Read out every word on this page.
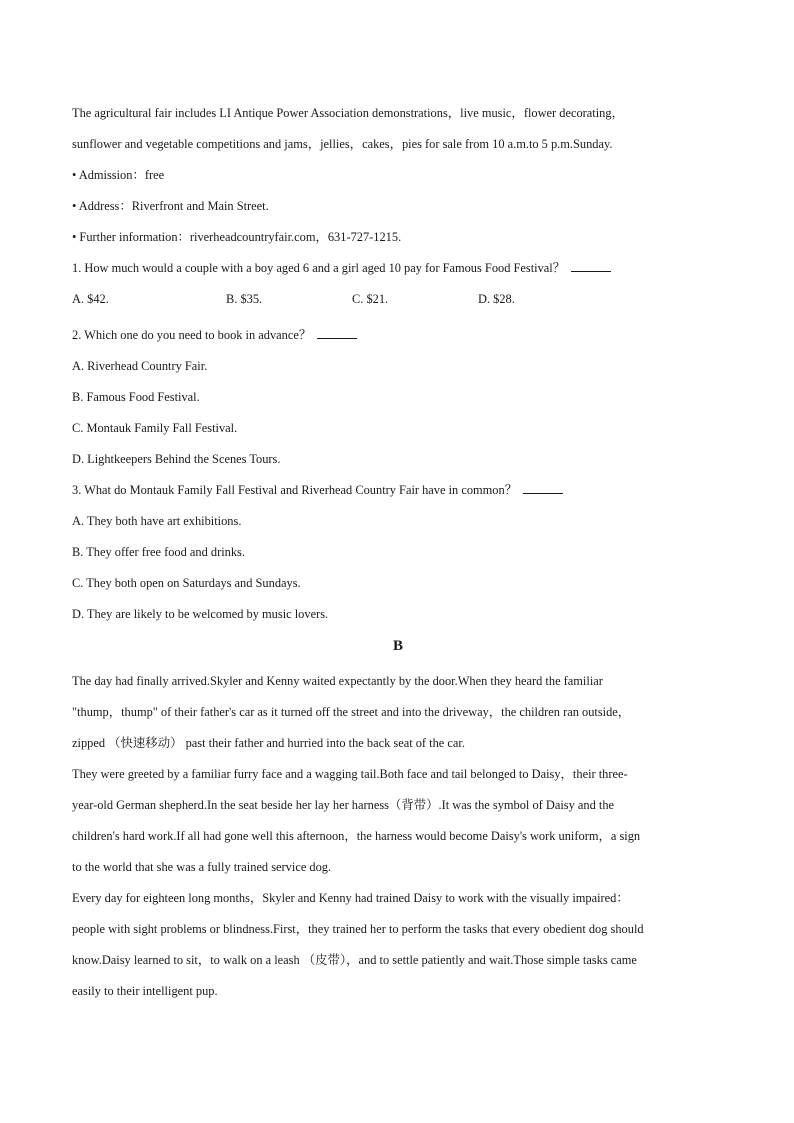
The agricultural fair includes LI Antique Power Association demonstrations，live music，flower decorating，
sunflower and vegetable competitions and jams，jellies，cakes，pies for sale from 10 a.m.to 5 p.m.Sunday.
• Admission：free
• Address：Riverfront and Main Street.
• Further information：riverheadcountryfair.com，631-727-1215.
1. How much would a couple with a boy aged 6 and a girl aged 10 pay for Famous Food Festival？
A. $42.	B. $35.	C. $21.	D. $28.
2. Which one do you need to book in advance？
A. Riverhead Country Fair.
B. Famous Food Festival.
C. Montauk Family Fall Festival.
D. Lightkeepers Behind the Scenes Tours.
3. What do Montauk Family Fall Festival and Riverhead Country Fair have in common？
A. They both have art exhibitions.
B. They offer free food and drinks.
C. They both open on Saturdays and Sundays.
D. They are likely to be welcomed by music lovers.
B
The day had finally arrived.Skyler and Kenny waited expectantly by the door.When they heard the familiar
"thump，thump" of their father's car as it turned off the street and into the driveway，the children ran outside，
zipped （快速移动） past their father and hurried into the back seat of the car.
They were greeted by a familiar furry face and a wagging tail.Both face and tail belonged to Daisy，their three-
year-old German shepherd.In the seat beside her lay her harness（背带）.It was the symbol of Daisy and the
children's hard work.If all had gone well this afternoon，the harness would become Daisy's work uniform，a sign
to the world that she was a fully trained service dog.
Every day for eighteen long months，Skyler and Kenny had trained Daisy to work with the visually impaired：
people with sight problems or blindness.First，they trained her to perform the tasks that every obedient dog should
know.Daisy learned to sit，to walk on a leash （皮带），and to settle patiently and wait.Those simple tasks came
easily to their intelligent pup.
